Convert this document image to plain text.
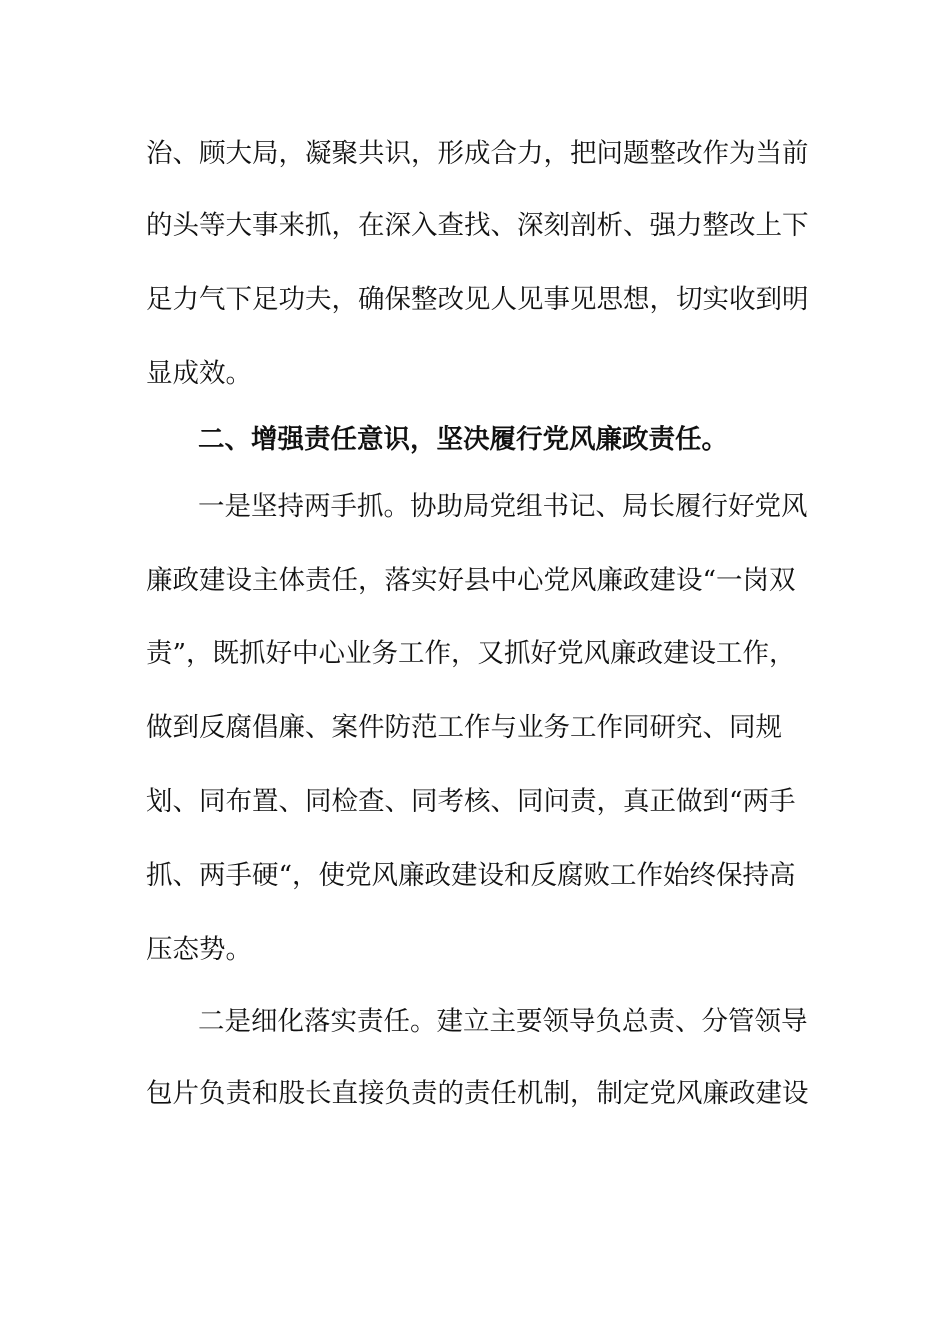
治、顾大局，凝聚共识，形成合力，把问题整改作为当前
的头等大事来抓，在深入查找、深刻剖析、强力整改上下
足力气下足功夫，确保整改见人见事见思想，切实收到明
显成效。
二、增强责任意识，坚决履行党风廉政责任。
一是坚持两手抓。协助局党组书记、局长履行好党风
廉政建设主体责任，落实好县中心党风廉政建设“一岗双
责”，既抓好中心业务工作，又抓好党风廉政建设工作，
做到反腐倡廉、案件防范工作与业务工作同研究、同规
划、同布置、同检查、同考核、同问责，真正做到“两手
抓、两手硬“，使党风廉政建设和反腐败工作始终保持高
压态势。
二是细化落实责任。建立主要领导负总责、分管领导
包片负责和股长直接负责的责任机制，制定党风廉政建设
